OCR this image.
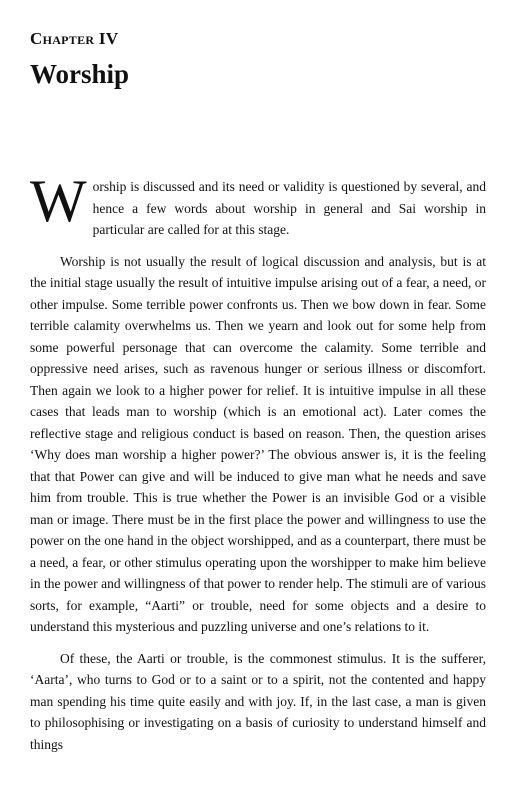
Chapter IV
Worship

Worship is discussed and its need or validity is questioned by several, and hence a few words about worship in general and Sai worship in particular are called for at this stage.

Worship is not usually the result of logical discussion and analysis, but is at the initial stage usually the result of intuitive impulse arising out of a fear, a need, or other impulse. Some terrible power confronts us. Then we bow down in fear. Some terrible calamity overwhelms us. Then we yearn and look out for some help from some powerful personage that can overcome the calamity. Some terrible and oppressive need arises, such as ravenous hunger or serious illness or discomfort. Then again we look to a higher power for relief. It is intuitive impulse in all these cases that leads man to worship (which is an emotional act). Later comes the reflective stage and religious conduct is based on reason. Then, the question arises ‘Why does man worship a higher power?’ The obvious answer is, it is the feeling that that Power can give and will be induced to give man what he needs and save him from trouble. This is true whether the Power is an invisible God or a visible man or image. There must be in the first place the power and willingness to use the power on the one hand in the object worshipped, and as a counterpart, there must be a need, a fear, or other stimulus operating upon the worshipper to make him believe in the power and willingness of that power to render help. The stimuli are of various sorts, for example, “Aarti” or trouble, need for some objects and a desire to understand this mysterious and puzzling universe and one’s relations to it.

Of these, the Aarti or trouble, is the commonest stimulus. It is the sufferer, ‘Aarta’, who turns to God or to a saint or to a spirit, not the contented and happy man spending his time quite easily and with joy. If, in the last case, a man is given to philosophising or investigating on a basis of curiosity to understand himself and things
